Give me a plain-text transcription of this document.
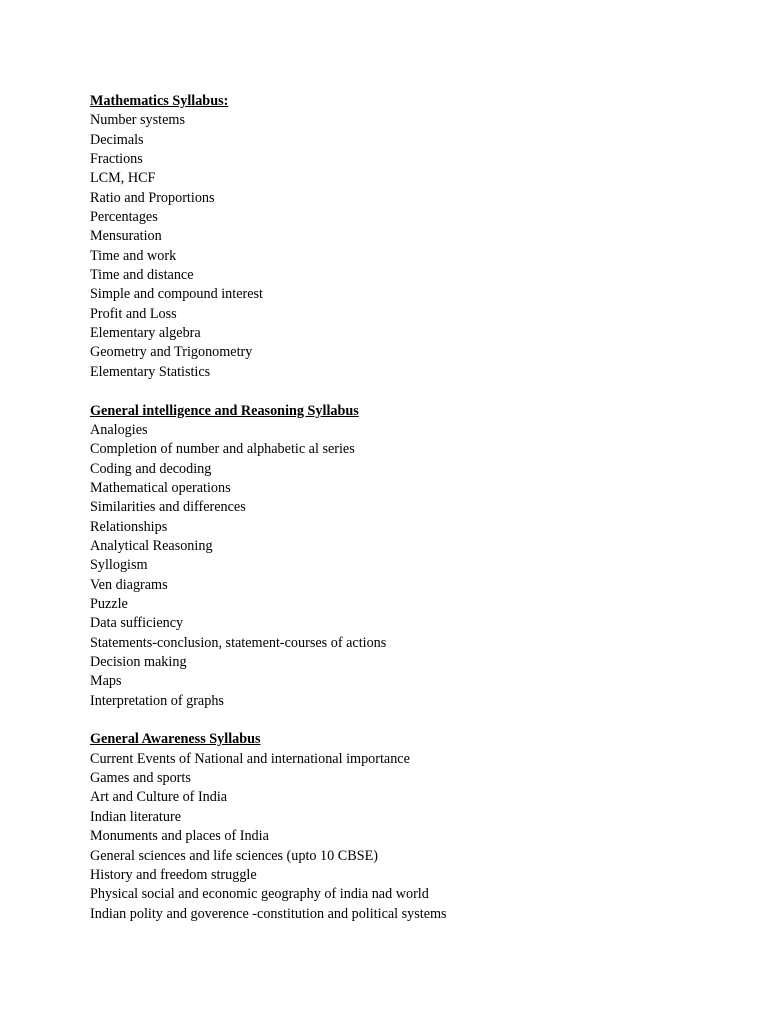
Mathematics Syllabus:
Number systems
Decimals
Fractions
LCM, HCF
Ratio and Proportions
Percentages
Mensuration
Time and work
Time and distance
Simple and compound interest
Profit and Loss
Elementary algebra
Geometry and Trigonometry
Elementary Statistics
General intelligence and Reasoning Syllabus
Analogies
Completion of number and alphabetic al series
Coding and decoding
Mathematical operations
Similarities and differences
Relationships
Analytical Reasoning
Syllogism
Ven diagrams
Puzzle
Data sufficiency
Statements-conclusion, statement-courses of actions
Decision making
Maps
Interpretation of graphs
General Awareness Syllabus
Current Events of National and international importance
Games and sports
Art and Culture of India
Indian literature
Monuments and places of India
General sciences and life sciences (upto 10 CBSE)
History and freedom struggle
Physical social and economic geography of india nad world
Indian polity and goverence -constitution and political systems
